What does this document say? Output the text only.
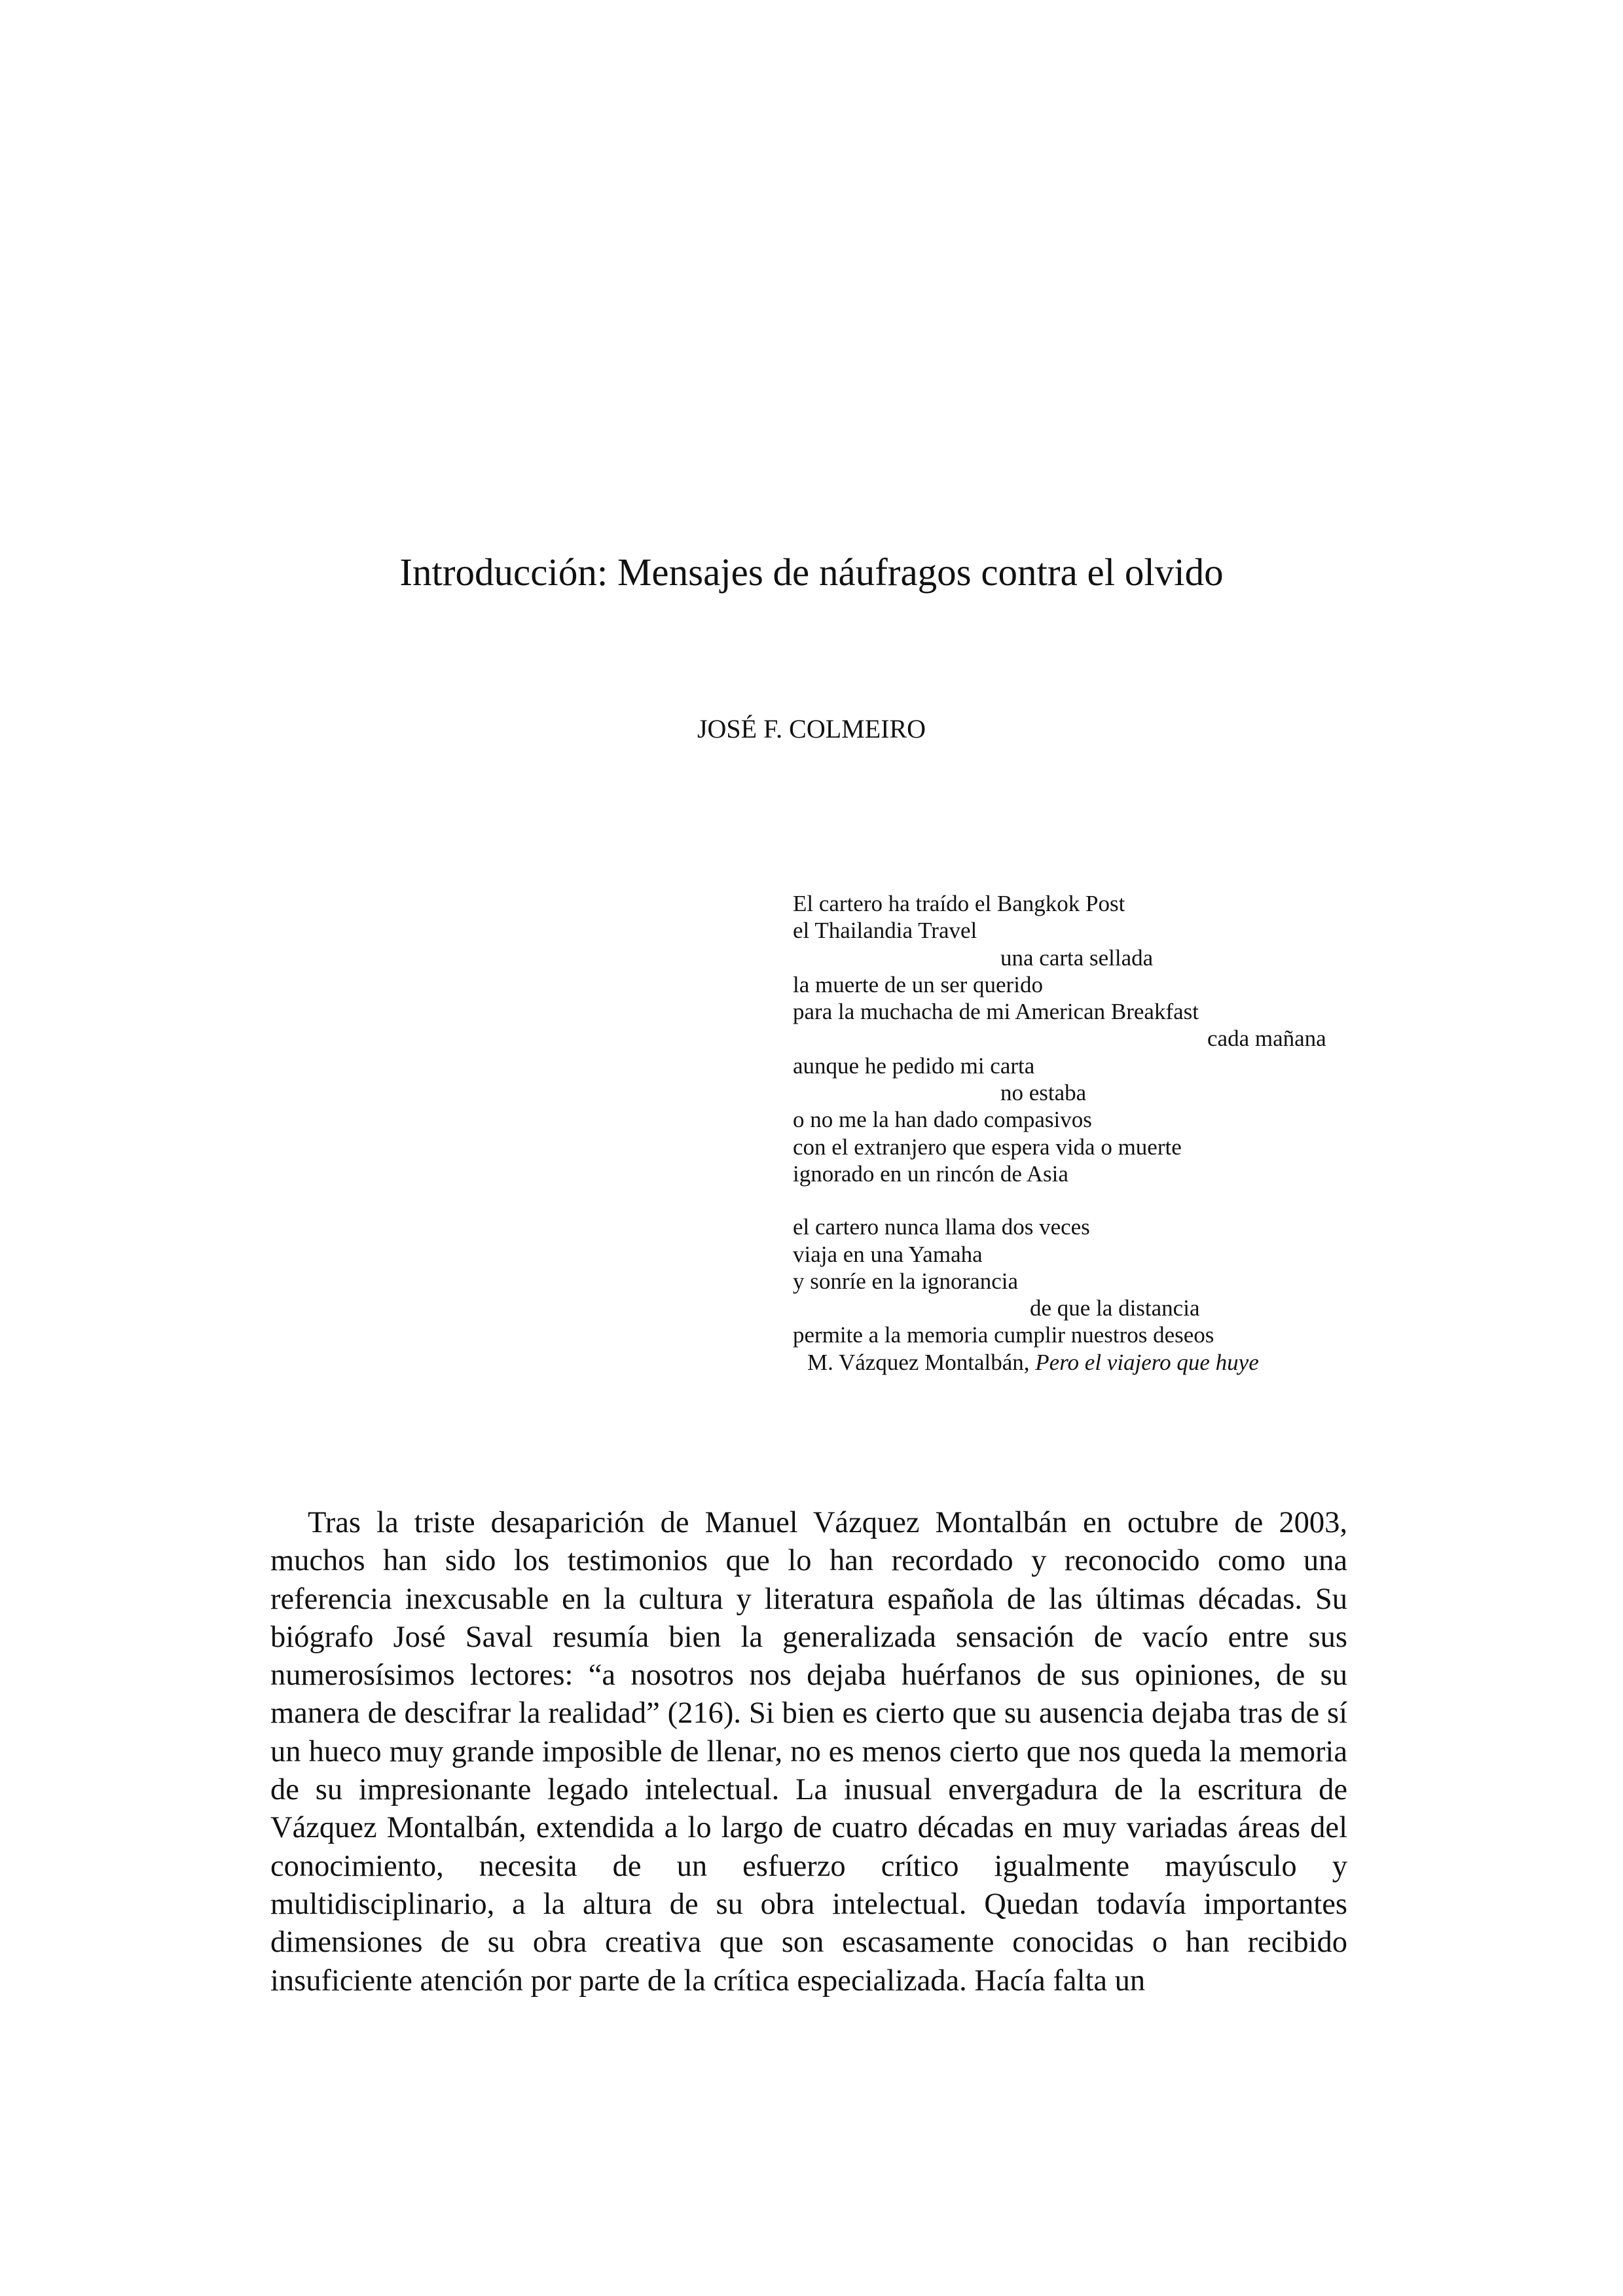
Introducción: Mensajes de náufragos contra el olvido
JOSÉ F. COLMEIRO
El cartero ha traído el Bangkok Post
el Thailandia Travel
una carta sellada
la muerte de un ser querido
para la muchacha de mi American Breakfast
cada mañana
aunque he pedido mi carta
no estaba
o no me la han dado compasivos
con el extranjero que espera vida o muerte
ignorado en un rincón de Asia
el cartero nunca llama dos veces
viaja en una Yamaha
y sonríe en la ignorancia
de que la distancia
permite a la memoria cumplir nuestros deseos
M. Vázquez Montalbán, Pero el viajero que huye

Tras la triste desaparición de Manuel Vázquez Montalbán en octubre de 2003, muchos han sido los testimonios que lo han recordado y reconocido como una referencia inexcusable en la cultura y literatura española de las últimas décadas. Su biógrafo José Saval resumía bien la generalizada sensación de vacío entre sus numerosísimos lectores: “a nosotros nos dejaba huérfanos de sus opiniones, de su manera de descifrar la realidad” (216). Si bien es cierto que su ausencia dejaba tras de sí un hueco muy grande imposible de llenar, no es menos cierto que nos queda la memoria de su impresionante legado intelectual. La inusual envergadura de la escritura de Vázquez Montalbán, extendida a lo largo de cuatro décadas en muy variadas áreas del conocimiento, necesita de un esfuerzo crítico igualmente mayúsculo y multidisciplinario, a la altura de su obra intelectual. Quedan todavía importantes dimensiones de su obra creativa que son escasamente conocidas o han recibido insuficiente atención por parte de la crítica especializada. Hacía falta un
